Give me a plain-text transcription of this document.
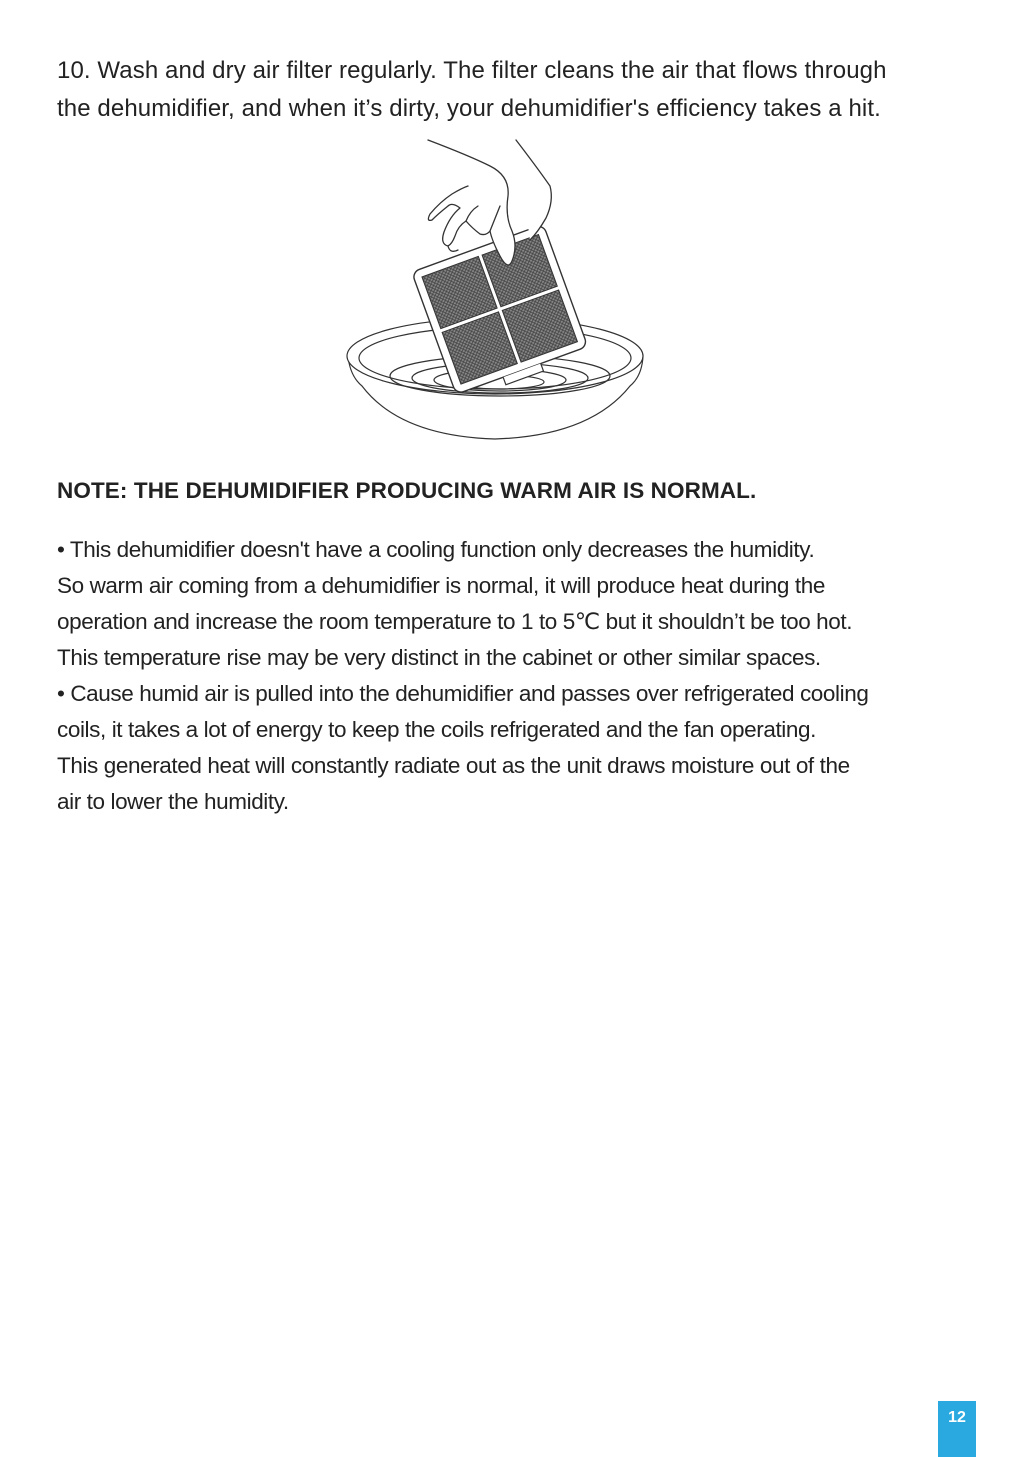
10. Wash and dry air filter regularly. The filter cleans the air that flows through
the dehumidifier, and when it’s dirty, your dehumidifier's efficiency takes a hit.

NOTE: THE DEHUMIDIFIER PRODUCING WARM AIR IS NORMAL.

• This dehumidifier doesn't have a cooling function only decreases the humidity.
So warm air coming from a dehumidifier is normal, it will produce heat during the
operation and increase the room temperature to 1 to 5℃ but it shouldn’t be too hot.
This temperature rise may be very distinct in the cabinet or other similar spaces.
• Cause humid air is pulled into the dehumidifier and passes over refrigerated cooling
coils, it takes a lot of energy to keep the coils refrigerated and the fan operating.
This generated heat will constantly radiate out as the unit draws moisture out of the
air to lower the humidity.

12
